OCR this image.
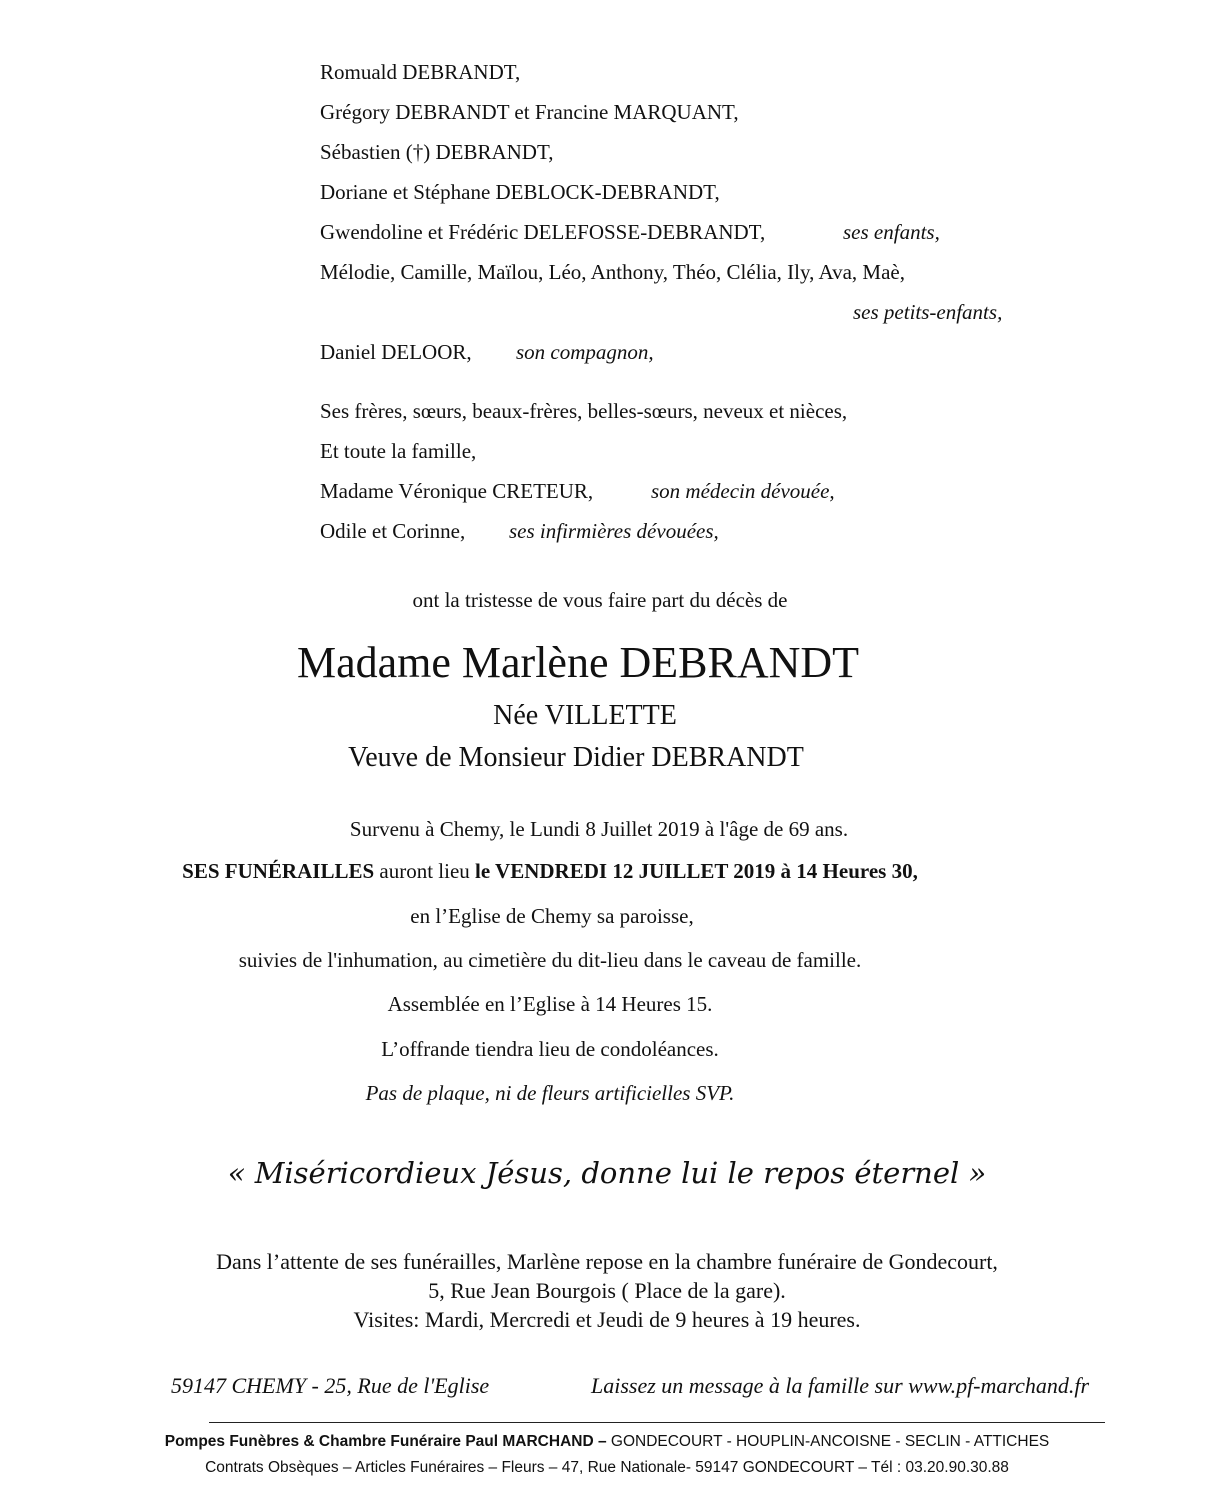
Romuald DEBRANDT,
Grégory DEBRANDT et Francine MARQUANT,
Sébastien (†) DEBRANDT,
Doriane et Stéphane DEBLOCK-DEBRANDT,
Gwendoline et Frédéric DELEFOSSE-DEBRANDT,	ses enfants,
Mélodie, Camille, Maïlou, Léo, Anthony, Théo, Clélia, Ily, Ava, Maè,
ses petits-enfants,
Daniel DELOOR, son compagnon,
Ses frères, sœurs, beaux-frères, belles-sœurs, neveux et nièces,
Et toute la famille,
Madame Véronique CRETEUR,	son médecin dévouée,
Odile et Corinne, ses infirmières dévouées,
ont la tristesse de vous faire part du décès de
Madame Marlène DEBRANDT
Née VILLETTE
Veuve de Monsieur Didier DEBRANDT
Survenu à Chemy, le Lundi 8 Juillet 2019 à l'âge de 69 ans.
SES FUNÉRAILLES auront lieu le VENDREDI 12 JUILLET 2019 à 14 Heures 30,
en l’Eglise de Chemy sa paroisse,
suivies de l'inhumation, au cimetière du dit-lieu dans le caveau de famille.
Assemblée en l’Eglise à 14 Heures 15.
L’offrande tiendra lieu de condoléances.
Pas de plaque, ni de fleurs artificielles SVP.
« Miséricordieux Jésus, donne lui le repos éternel »
Dans l’attente de ses funérailles, Marlène repose en la chambre funéraire de Gondecourt,
5, Rue Jean Bourgois ( Place de la gare).
Visites: Mardi, Mercredi et Jeudi de 9 heures à 19 heures.
59147 CHEMY - 25, Rue de l'Eglise	Laissez un message à la famille sur www.pf-marchand.fr
Pompes Funèbres & Chambre Funéraire Paul MARCHAND – GONDECOURT - HOUPLIN-ANCOISNE - SECLIN - ATTICHES
Contrats Obsèques – Articles Funéraires – Fleurs – 47, Rue Nationale- 59147 GONDECOURT – Tél : 03.20.90.30.88
